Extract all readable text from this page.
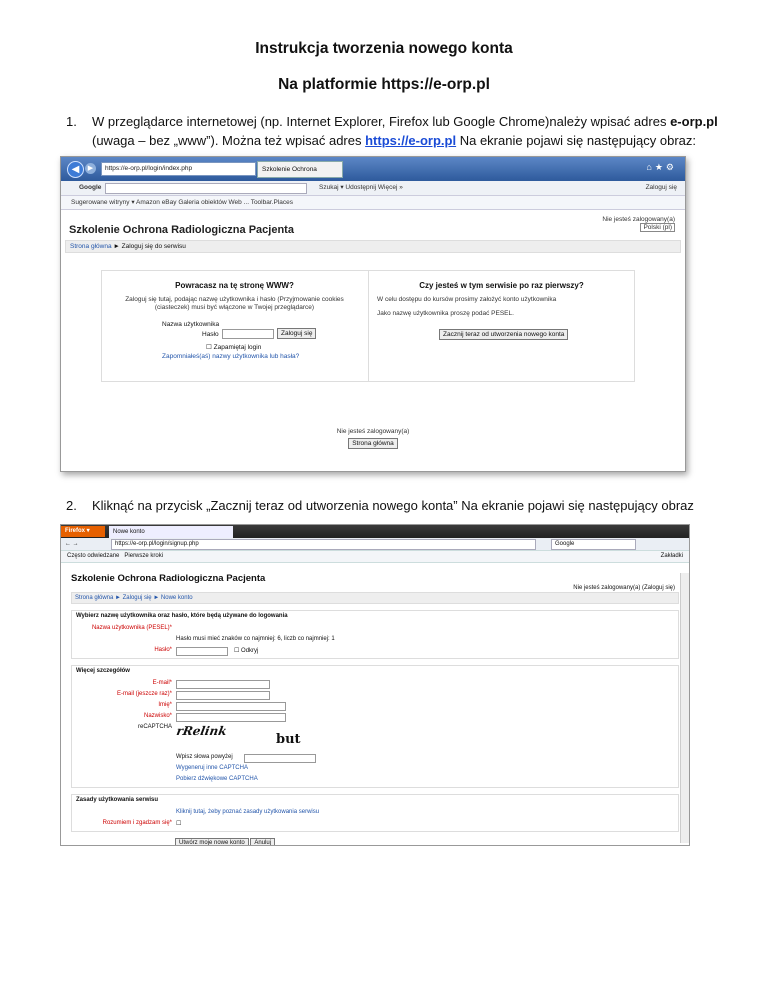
Instrukcja tworzenia nowego konta
Na platformie https://e-orp.pl
1. W przeglądarce internetowej (np. Internet Explorer, Firefox lub Google Chrome)należy wpisać adres e-orp.pl
(uwaga – bez „www”). Można też wpisać adres https://e-orp.pl Na ekranie pojawi się następujący obraz:
◀	▶	https://e-orp.pl/login/index.php	Szkolenie Ochrona	⌂★⚙
Google	Szukaj ▾ Udostępnij Więcej »	Zaloguj się
Sugerowane witryny ▾ Amazon eBay Galeria obiektów Web ... Toolbar.Places
Szkolenie Ochrona Radiologiczna Pacjenta
Nie jesteś zalogowany(a)
Polski (pl)
Strona główna ► Zaloguj się do serwisu
Powracasz na tę stronę WWW?

Zaloguj się tutaj, podając nazwę użytkownika i hasło (Przyjmowanie cookies (ciasteczek) musi być włączone w Twojej przeglądarce)

Nazwa użytkownika
Hasło	Zaloguj się
☐ Zapamiętaj login
Zapomniałeś(aś) nazwy użytkownika lub hasła?
Czy jesteś w tym serwisie po raz pierwszy?

W celu dostępu do kursów prosimy założyć konto użytkownika

Jako nazwę użytkownika proszę podać PESEL.

Zacznij teraz od utworzenia nowego konta
Nie jesteś zalogowany(a)
Strona główna
2. Kliknąć na przycisk „Zacznij teraz od utworzenia nowego konta” Na ekranie pojawi się następujący obraz
Firefox ▾	Nowe konto
← →	https://e-orp.pl/login/signup.php	Google
Często odwiedzane Pierwsze kroki	Zakładki
Szkolenie Ochrona Radiologiczna Pacjenta
Nie jesteś zalogowany(a) (Zaloguj się)
Strona główna ► Zaloguj się ► Nowe konto
Wybierz nazwę użytkownika oraz hasło, które będą używane do logowania
Nazwa użytkownika (PESEL)*
Hasło musi mieć znaków co najmniej: 6, liczb co najmniej: 1
Hasło*	☐ Odkryj
Więcej szczegółów
E-mail*
E-mail (jeszcze raz)*
Imię*
Nazwisko*
reCAPTCHA rRelink
but
Wpisz słowa powyżej
Wygeneruj inne CAPTCHA
Pobierz dźwiękowe CAPTCHA
Zasady użytkowania serwisu
Kliknij tutaj, żeby poznać zasady użytkowania serwisu
Rozumiem i zgadzam się* ☐
Utwórz moje nowe konto Anuluj
